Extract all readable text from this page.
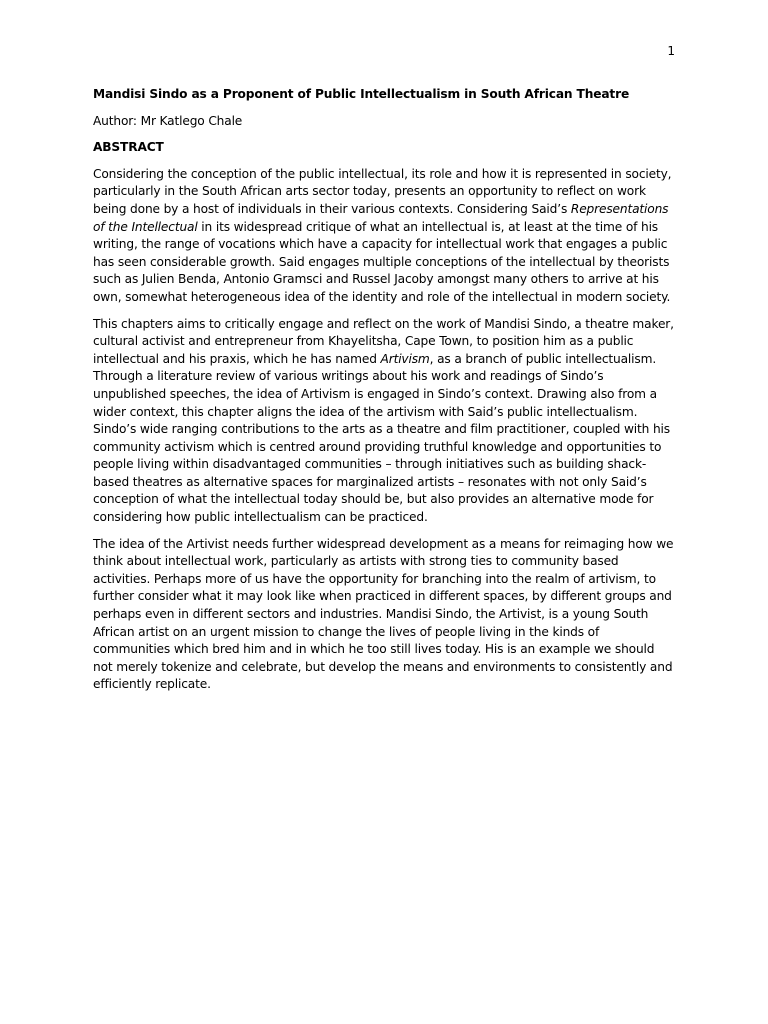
1

Mandisi Sindo as a Proponent of Public Intellectualism in South African Theatre

Author: Mr Katlego Chale

ABSTRACT

Considering the conception of the public intellectual, its role and how it is represented in society, particularly in the South African arts sector today, presents an opportunity to reflect on work being done by a host of individuals in their various contexts. Considering Said’s Representations of the Intellectual in its widespread critique of what an intellectual is, at least at the time of his writing, the range of vocations which have a capacity for intellectual work that engages a public has seen considerable growth. Said engages multiple conceptions of the intellectual by theorists such as Julien Benda, Antonio Gramsci and Russel Jacoby amongst many others to arrive at his own, somewhat heterogeneous idea of the identity and role of the intellectual in modern society.

This chapters aims to critically engage and reflect on the work of Mandisi Sindo, a theatre maker, cultural activist and entrepreneur from Khayelitsha, Cape Town, to position him as a public intellectual and his praxis, which he has named Artivism, as a branch of public intellectualism. Through a literature review of various writings about his work and readings of Sindo’s unpublished speeches, the idea of Artivism is engaged in Sindo’s context. Drawing also from a wider context, this chapter aligns the idea of the artivism with Said’s public intellectualism. Sindo’s wide ranging contributions to the arts as a theatre and film practitioner, coupled with his community activism which is centred around providing truthful knowledge and opportunities to people living within disadvantaged communities – through initiatives such as building shack-based theatres as alternative spaces for marginalized artists – resonates with not only Said’s conception of what the intellectual today should be, but also provides an alternative mode for considering how public intellectualism can be practiced.

The idea of the Artivist needs further widespread development as a means for reimaging how we think about intellectual work, particularly as artists with strong ties to community based activities. Perhaps more of us have the opportunity for branching into the realm of artivism, to further consider what it may look like when practiced in different spaces, by different groups and perhaps even in different sectors and industries. Mandisi Sindo, the Artivist, is a young South African artist on an urgent mission to change the lives of people living in the kinds of communities which bred him and in which he too still lives today. His is an example we should not merely tokenize and celebrate, but develop the means and environments to consistently and efficiently replicate.
